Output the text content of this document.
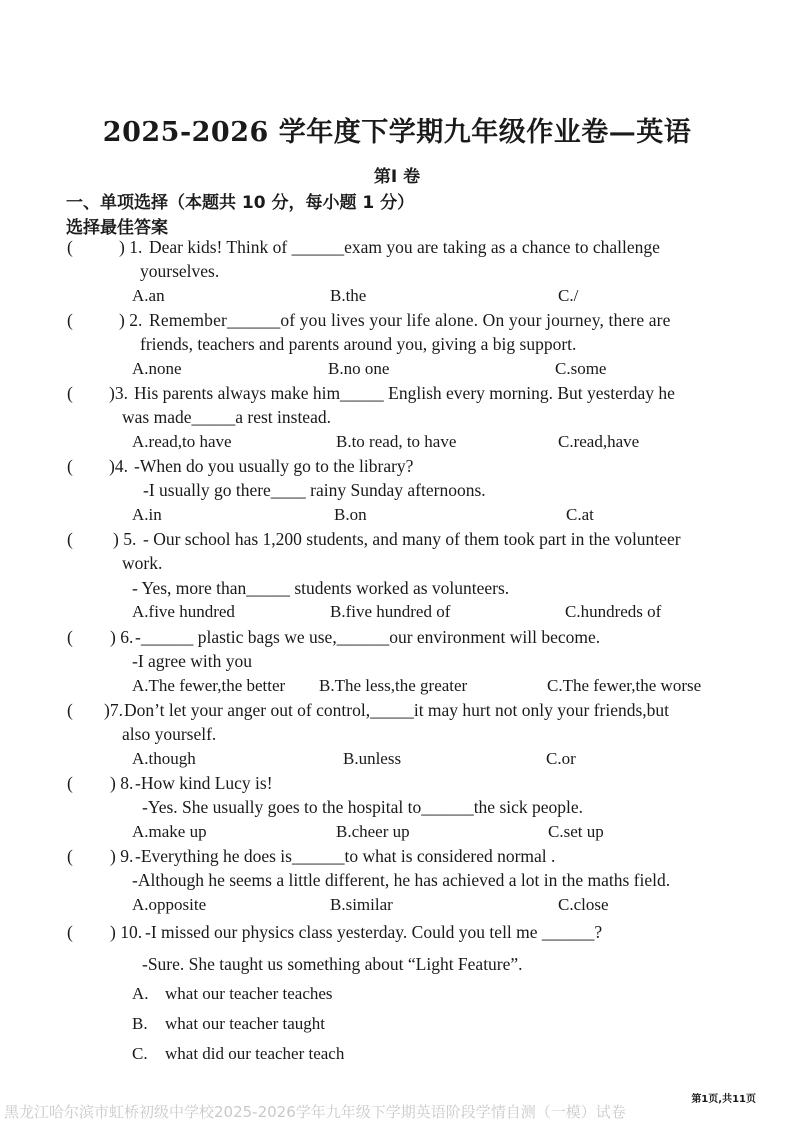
2025-2026 学年度下学期九年级作业卷—英语
第Ⅰ 卷
一、单项选择（本题共 10 分，每小题 1 分）
选择最佳答案
(	) 1. Dear kids! Think of ______exam you are taking as a chance to challenge
yourselves.
A.an	B.the	C./
(	) 2. Remember______of you lives your life alone. On your journey, there are
friends, teachers and parents around you, giving a big support.
A.none	B.no one	C.some
( )3. His parents always make him_____ English every morning. But yesterday he
was made_____a rest instead.
A.read,to have	B.to read, to have	C.read,have
( )4. -When do you usually go to the library?
-I usually go there____ rainy Sunday afternoons.
A.in	B.on	C.at
( ) 5. - Our school has 1,200 students, and many of them took part in the volunteer
work.
- Yes, more than_____ students worked as volunteers.
A.five hundred	B.five hundred of	C.hundreds of
( ) 6. -______ plastic bags we use,______our environment will become.
-I agree with you
A.The fewer,the better B.The less,the greater	C.The fewer,the worse
( )7. Don’t let your anger out of control,_____it may hurt not only your friends,but
also yourself.
A.though	B.unless	C.or
( ) 8. -How kind Lucy is!
-Yes. She usually goes to the hospital to______the sick people.
A.make up	B.cheer up	C.set up
( ) 9. -Everything he does is______to what is considered normal .
-Although he seems a little different, he has achieved a lot in the maths field.
A.opposite	B.similar	C.close
( ) 10. -I missed our physics class yesterday. Could you tell me ______?
-Sure. She taught us something about “Light Feature”.
A. what our teacher teaches
B. what our teacher taught
C. what did our teacher teach
第1页,共11页
黑龙江哈尔滨市虹桥初级中学校2025-2026学年九年级下学期英语阶段学情自测（一模）试卷
